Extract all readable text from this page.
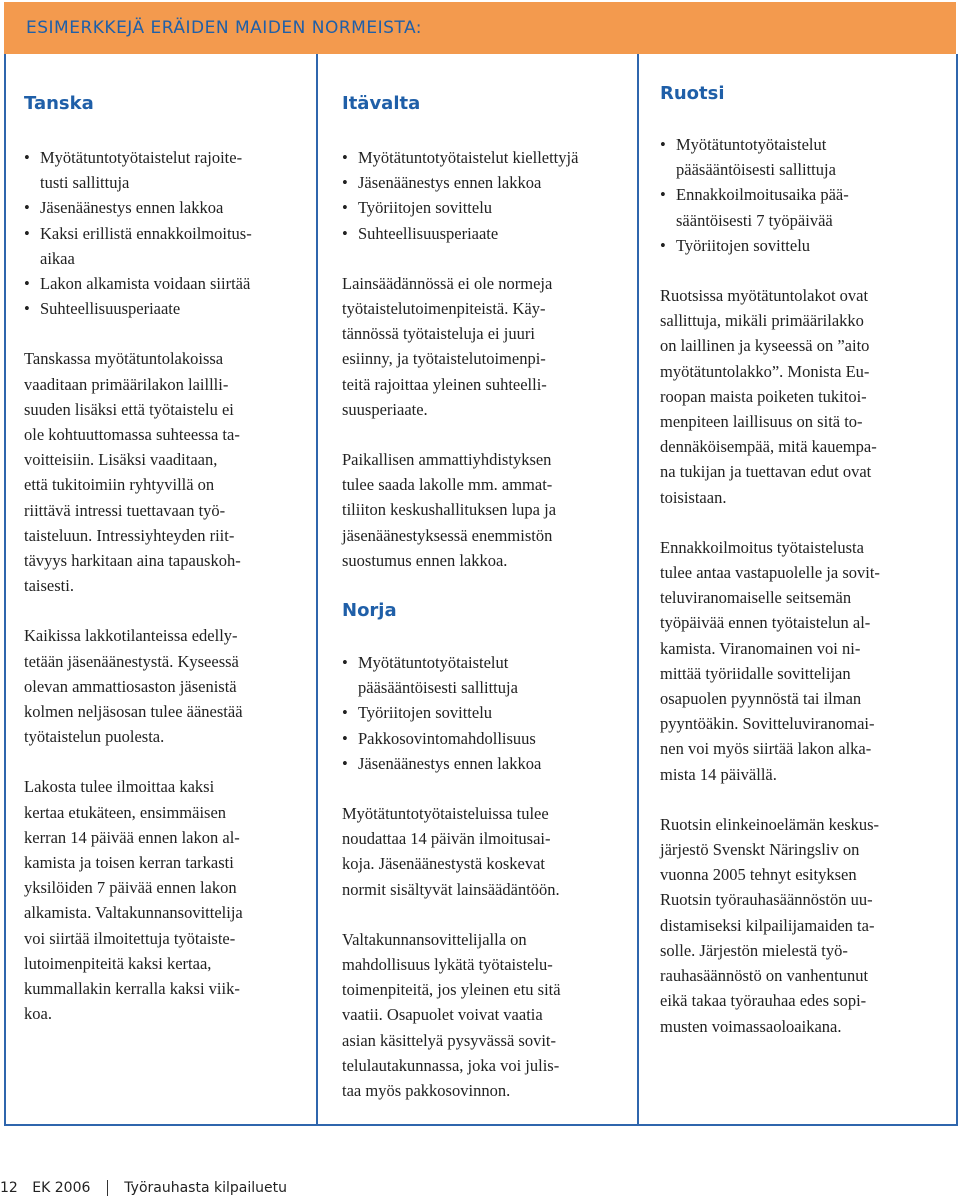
ESIMERKKEJÄ ERÄIDEN MAIDEN NORMEISTA:
Tanska
• Myötätuntotyötaistelut rajoite-
tusti sallittuja
• Jäsenäänestys ennen lakkoa
• Kaksi erillistä ennakkoilmoitus-
aikaa
• Lakon alkamista voidaan siirtää
• Suhteellisuusperiaate

Tanskassa myötätuntolakoissa
vaaditaan primäärilakon laillli-
suuden lisäksi että työtaistelu ei
ole kohtuuttomassa suhteessa ta-
voitteisiin. Lisäksi vaaditaan,
että tukitoimiin ryhtyvillä on
riittävä intressi tuettavaan työ-
taisteluun. Intressiyhteyden riit-
tävyys harkitaan aina tapauskoh-
taisesti.

Kaikissa lakkotilanteissa edelly-
tetään jäsenäänestystä. Kyseessä
olevan ammattiosaston jäsenistä
kolmen neljäsosan tulee äänestää
työtaistelun puolesta.

Lakosta tulee ilmoittaa kaksi
kertaa etukäteen, ensimmäisen
kerran 14 päivää ennen lakon al-
kamista ja toisen kerran tarkasti
yksilöiden 7 päivää ennen lakon
alkamista. Valtakunnansovittelija
voi siirtää ilmoitettuja työtaiste-
lutoimenpiteitä kaksi kertaa,
kummallakin kerralla kaksi viik-
koa.

Itävalta
• Myötätuntotyötaistelut kiellettyjä
• Jäsenäänestys ennen lakkoa
• Työriitojen sovittelu
• Suhteellisuusperiaate

Lainsäädännössä ei ole normeja
työtaistelutoimenpiteistä. Käy-
tännössä työtaisteluja ei juuri
esiinny, ja työtaistelutoimenpi-
teitä rajoittaa yleinen suhteelli-
suusperiaate.

Paikallisen ammattiyhdistyksen
tulee saada lakolle mm. ammat-
tiliiton keskushallituksen lupa ja
jäsenäänestyksessä enemmistön
suostumus ennen lakkoa.

Norja
• Myötätuntotyötaistelut
pääsääntöisesti sallittuja
• Työriitojen sovittelu
• Pakkosovintomahdollisuus
• Jäsenäänestys ennen lakkoa

Myötätuntotyötaisteluissa tulee
noudattaa 14 päivän ilmoitusai-
koja. Jäsenäänestystä koskevat
normit sisältyvät lainsäädäntöön.

Valtakunnansovittelijalla on
mahdollisuus lykätä työtaistelu-
toimenpiteitä, jos yleinen etu sitä
vaatii. Osapuolet voivat vaatia
asian käsittelyä pysyvässä sovit-
telulautakunnassa, joka voi julis-
taa myös pakkosovinnon.

Ruotsi
• Myötätuntotyötaistelut
pääsääntöisesti sallittuja
• Ennakkoilmoitusaika pää-
sääntöisesti 7 työpäivää
• Työriitojen sovittelu

Ruotsissa myötätuntolakot ovat
sallittuja, mikäli primäärilakko
on laillinen ja kyseessä on ”aito
myötätuntolakko”. Monista Eu-
roopan maista poiketen tukitoi-
menpiteen laillisuus on sitä to-
dennäköisempää, mitä kauempa-
na tukijan ja tuettavan edut ovat
toisistaan.

Ennakkoilmoitus työtaistelusta
tulee antaa vastapuolelle ja sovit-
teluviranomaiselle seitsemän
työpäivää ennen työtaistelun al-
kamista. Viranomainen voi ni-
mittää työriidalle sovittelijan
osapuolen pyynnöstä tai ilman
pyyntöäkin. Sovitteluviranomai-
nen voi myös siirtää lakon alka-
mista 14 päivällä.

Ruotsin elinkeinoelämän keskus-
järjestö Svenskt Näringsliv on
vuonna 2005 tehnyt esityksen
Ruotsin työrauhasäännöstön uu-
distamiseksi kilpailijamaiden ta-
solle. Järjestön mielestä työ-
rauhasäännöstö on vanhentunut
eikä takaa työrauhaa edes sopi-
musten voimassaoloaikana.

12 EK 2006 Työrauhasta kilpailuetu
